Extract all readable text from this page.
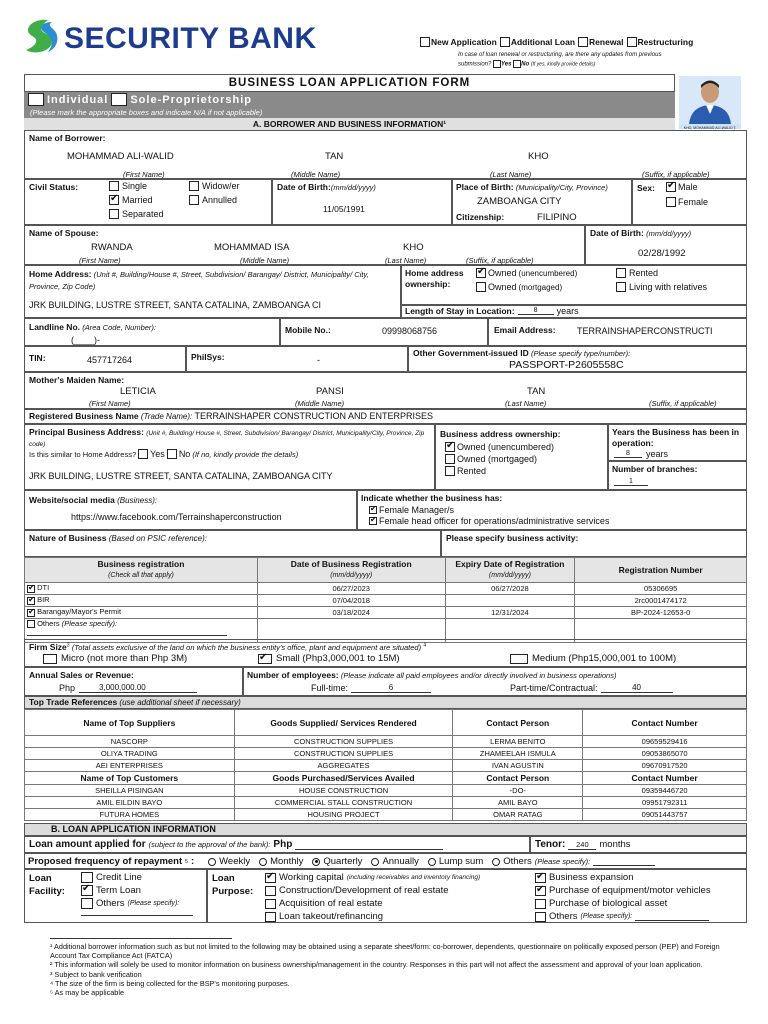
SECURITY BANK	New Application Additional Loan Renewal Restructuring
In case of loan renewal or restructuring, are there any updates from previous submission? Yes No (If yes, kindly provide details)
KHO, MOHAMMAD ALI-WALID T.
BUSINESS LOAN APPLICATION FORM
Individual Sole-Proprietorship
(Please mark the appropriate boxes and indicate N/A if not applicable)
A. BORROWER AND BUSINESS INFORMATION¹
Name of Borrower:
MOHAMMAD ALI-WALID	TAN	KHO
(First Name)	(Middle Name)	(Last Name)	(Suffix, if applicable)
Civil Status:	Single
✔
Married
Separated
Widow/er
Annulled
Date of Birth:(mm/dd/yyyy)
11/05/1991
Place of Birth: (Municipality/City, Province)
ZAMBOANGA CITY
Citizenship:	FILIPINO
Sex: ✔	Male
Female
Name of Spouse:
RWANDA	MOHAMMAD ISA	KHO
(First Name)	(Middle Name)	(Last Name)	(Suffix, if applicable)
Date of Birth: (mm/dd/yyyy)
02/28/1992
Home Address: (Unit #, Building/House #, Street, Subdivision/ Barangay/ District, Municipality/ City, Province, Zip Code)
JRK BUILDING, LUSTRE STREET, SANTA CATALINA, ZAMBOANGA CI
Home address ownership:
✔
Owned (unencumbered)
Owned (mortgaged)
Rented
Living with relatives
Length of Stay in Location:	8	years
Landline No. (Area Code, Number):
(____)-
Mobile No.:	09998068756	Email Address: TERRAINSHAPERCONSTRUCTI
TIN:	457717264	PhilSys:	-
Other Government-issued ID (Please specify type/number):
PASSPORT-P2605558C
Mother's Maiden Name:
LETICIA	PANSI	TAN
(First Name)	(Middle Name)	(Last Name)	(Suffix, if applicable)
Registered Business Name (Trade Name): TERRAINSHAPER CONSTRUCTION AND ENTERPRISES
Principal Business Address: (Unit #, Building/ House #, Street, Subdivision/ Barangay/ District, Municipality/City, Province, Zip code)
Is this similar to Home Address? Yes No (If no, kindly provide the details)
JRK BUILDING, LUSTRE STREET, SANTA CATALINA, ZAMBOANGA CITY
Business address ownership:
✔
Owned (unencumbered)
Owned (mortgaged)
Rented
Years the Business has been in operation:
8	years
Number of branches:
1
Website/social media (Business):
https://www.facebook.com/Terrainshaperconstruction
Indicate whether the business has:
✔
Female Manager/s
✔
Female head officer for operations/administrative services
Nature of Business (Based on PSIC reference):	Please specify business activity:
Business registration	Date of Business Registration	Expiry Date of Registration	Registration Number
(Check all that apply)	(mm/dd/yyyy)	(mm/dd/yyyy)	
✔ DTI	06/27/2023	06/27/2028	05306695
✔ BIR	07/04/2018		2rc0001474172
✔ Barangay/Mayor's Permit	03/18/2024	12/31/2024	BP-2024-12653-0
Others (Please specify):

Firm Size$^3$ (Total assets exclusive of the land on which the business entity's office, plant and equipment are situated) $^4$
Micro (not more than Php 3M) ✔	Small (Php3,000,001 to 15M)	Medium (Php15,000,001 to 100M)
Annual Sales or Revenue:
Php	3,000,000.00
Number of employees: (Please indicate all paid employees and/or directly involved in business operations)
Full-time:	6	Part-time/Contractual:	40
Top Trade References (use additional sheet if necessary)
Name of Top Suppliers	Goods Supplied/ Services Rendered	Contact Person	Contact Number
NASCORP	CONSTRUCTION SUPPLIES	LERMA BENITO	09659529416
OLIYA TRADING	CONSTRUCTION SUPPLIES	ZHAMEELAH ISMULA	09053865070
AEI ENTERPRISES	AGGREGATES	IVAN AGUSTIN	09670917520
Name of Top Customers	Goods Purchased/Services Availed	Contact Person	Contact Number
SHEILLA PISINGAN	HOUSE CONSTRUCTION	-DO-	09359446720
AMIL EILDIN BAYO	COMMERCIAL STALL CONSTRUCTION	AMIL BAYO	09951792311
FUTURA HOMES	HOUSING PROJECT	OMAR RATAG	09051443757
B. LOAN APPLICATION INFORMATION
Loan amount applied for (subject to the approval of the bank): Php	Tenor:	240	months
Proposed frequency of repayment 5 :	Weekly Monthly Quarterly Annually Lump sum Others (Please specify):
Loan Facility:
Credit Line
✔
Term Loan
Others (Please specify):
Loan Purpose:
✔
Working capital (including receivables and inventory financing)
Construction/Development of real estate
Acquisition of real estate
Loan takeout/refinancing
✔
Business expansion
✔
Purchase of equipment/motor vehicles
Purchase of biological asset
Others (Please specify):
¹ Additional borrower information such as but not limited to the following may be obtained using a separate sheet/form: co-borrower, dependents, questionnaire on politically exposed person (PEP) and Foreign Account Tax Compliance Act (FATCA)
² This information will solely be used to monitor information on business ownership/management in the country. Responses in this part will not affect the assessment and approval of your loan application.
³ Subject to bank verification
⁴ The size of the firm is being collected for the BSP's monitoring purposes.
⁵ As may be applicable
